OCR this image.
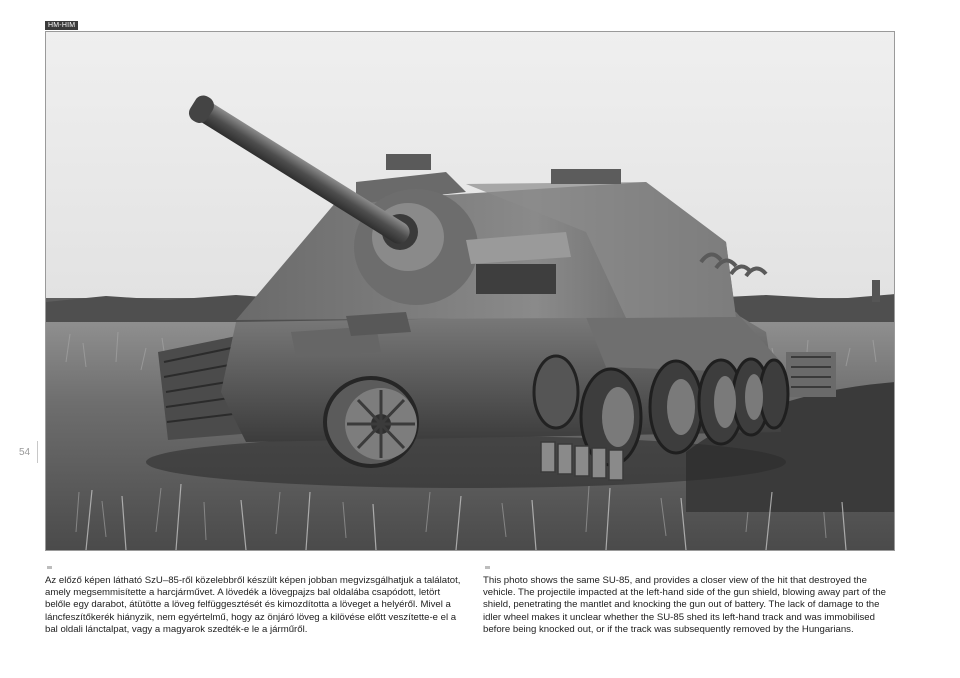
HM-HIM
54
Az előző képen látható SzU–85-ről közelebbről készült képen jobban megvizsgálhatjuk a találatot, amely megsemmisítette a harcjárművet. A lövedék a lövegpajzs bal oldalába csapódott, letört belőle egy darabot, átütötte a löveg felfüggesztését és kimozdította a löveget a helyéről. Mivel a láncfeszítőkerék hiányzik, nem egyértelmű, hogy az önjáró löveg a kilövése előtt veszítette-e el a bal oldali lánctalpat, vagy a magyarok szedték-e le a járműről.
This photo shows the same SU-85, and provides a closer view of the hit that destroyed the vehicle. The projectile impacted at the left-hand side of the gun shield, blowing away part of the shield, penetrating the mantlet and knocking the gun out of battery. The lack of damage to the idler wheel makes it unclear whether the SU-85 shed its left-hand track and was immobilised before being knocked out, or if the track was subsequently removed by the Hungarians.
